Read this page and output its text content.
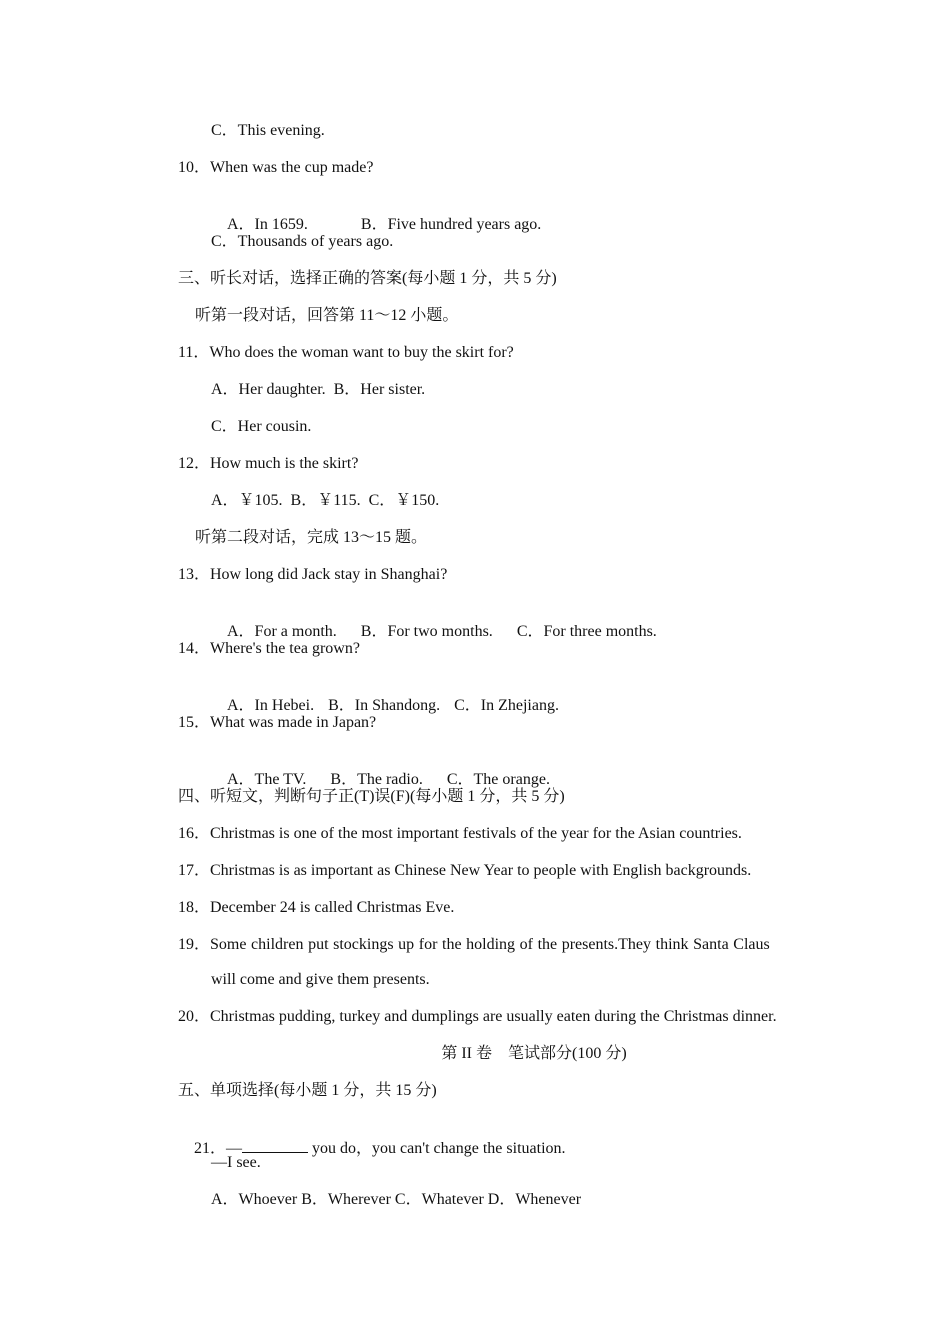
C．This evening.
10．When was the cup made?

A．In 1659.	B．Five hundred years ago.

C．Thousands of years ago.
三、听长对话，选择正确的答案(每小题 1 分，共 5 分)
听第一段对话，回答第 11～12 小题。
11．Who does the woman want to buy the skirt for?
A．Her daughter.  B．Her sister.
C．Her cousin.
12．How much is the skirt?
A．￥105.  B．￥115.  C．￥150.
听第二段对话，完成 13～15 题。
13．How long did Jack stay in Shanghai?

A．For a month. B．For two months. C．For three months.

14．Where's the tea grown?

A．In Hebei. B．In Shandong. C．In Zhejiang.

15．What was made in Japan?

A．The TV. B．The radio. C．The orange.

四、听短文，判断句子正(T)误(F)(每小题 1 分，共 5 分)
16．Christmas is one of the most important festivals of the year for the Asian countries.
17．Christmas is as important as Chinese New Year to people with English backgrounds.
18．December 24 is called Christmas Eve.
19．Some children put stockings up for the holding of the presents.They think Santa Claus
will come and give them presents.
20．Christmas pudding, turkey and dumplings are usually eaten during the Christmas dinner.
第 II 卷　笔试部分(100 分)
五、单项选择(每小题 1 分，共 15 分)

21．—	you do，you can't change the situation.

—I see.
A．Whoever B．Wherever C．Whatever D．Whenever
